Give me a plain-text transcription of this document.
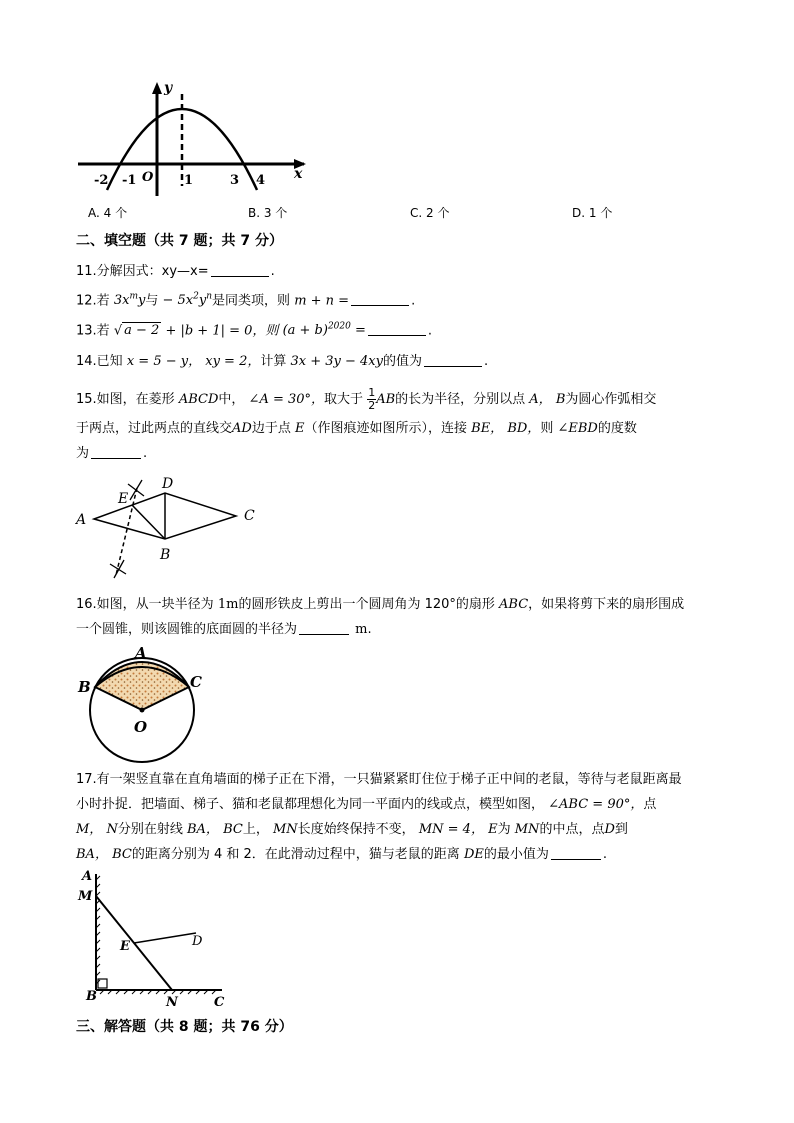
y
x
O
-2 -1	1	3 4
A. 4 个	B. 3 个	C. 2 个	D. 1 个
二、填空题（共 7 题；共 7 分）
11.分解因式：xy—x=	.
12.若 $3x^my$与 − $5x^2y^n$是同类项，则 m + n =	.
13.若 √ a − 2 + |b + 1| = 0，则 $(a + b)^{2020}$ =	.
14.已知 x = 5 − y， xy = 2，计算 3x + 3y − 4xy的值为	.
15.如图，在菱形 ABCD中， ∠A = 30°，取大于 $\frac{1}{2}$ AB的长为半径，分别以点 A， B为圆心作弧相交
于两点，过此两点的直线交AD边于点 E（作图痕迹如图所示），连接 BE， BD，则 ∠EBD的度数
为	.
A
E
D
C
B
16.如图，从一块半径为 1m的圆形铁皮上剪出一个圆周角为 120°的扇形 ABC，如果将剪下来的扇形围成
一个圆锥，则该圆锥的底面圆的半径为	m.
A
B	C
O
17.有一架竖直靠在直角墙面的梯子正在下滑，一只猫紧紧盯住位于梯子正中间的老鼠，等待与老鼠距离最
小时扑捉．把墙面、梯子、猫和老鼠都理想化为同一平面内的线或点，模型如图， ∠ABC = 90°，点
M， N分别在射线 BA， BC上， MN长度始终保持不变， MN = 4， E为 MN的中点，点D到
BA， BC的距离分别为 4 和 2．在此滑动过程中，猫与老鼠的距离 DE的最小值为	.
A
M
E	D
B	N	C
三、解答题（共 8 题；共 76 分）
